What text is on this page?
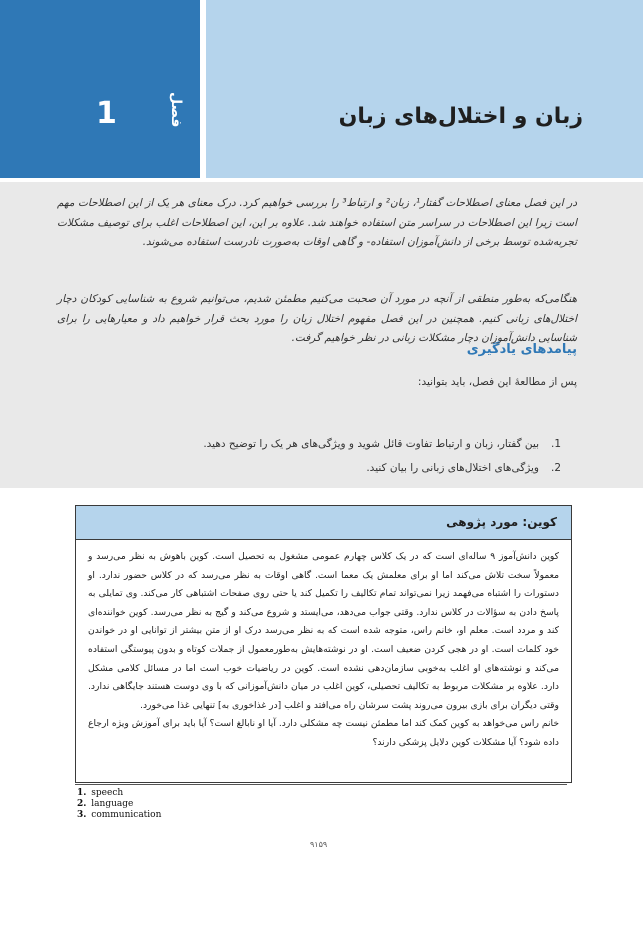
1	فصل	زبان و اختلال‌های زبان
در این فصل معنای اصطلاحات گفتار¹، زبان² و ارتباط³ را بررسی خواهیم کرد. درک معنای هر یک از این اصطلاحات مهم است زیرا این اصطلاحات در سراسر متن استفاده خواهند شد. علاوه بر این، این اصطلاحات اغلب برای توصیف مشکلات تجربه‌شده توسط برخی از دانش‌آموزان استفاده- و گاهی اوقات به‌صورت نادرست استفاده می‌شوند.
هنگامی‌که به‌طور منطقی از آنچه در مورد آن صحبت می‌کنیم مطمئن شدیم، می‌توانیم شروع به شناسایی کودکان دچار اختلال‌های زبانی کنیم. همچنین در این فصل مفهوم اختلال زبان را مورد بحث قرار خواهیم داد و معیارهایی را برای شناسایی دانش‌آموزان دچار مشکلات زبانی در نظر خواهیم گرفت.
پیامدهای یادگیری
پس از مطالعۀ این فصل، باید بتوانید:
1.
بین گفتار، زبان و ارتباط تفاوت قائل شوید و ویژگی‌های هر یک را توضیح دهید.
2.
ویژگی‌های اختلال‌های زبانی را بیان کنید.
کوین: مورد پژوهی
کوین دانش‌آموز ۹ ساله‌ای است که در یک کلاس چهارم عمومی مشغول به تحصیل است. کوین باهوش به نظر می‌رسد و معمولاً سخت تلاش می‌کند اما او برای معلمش یک معما است. گاهی اوقات به نظر می‌رسد که در کلاس حضور ندارد. او دستورات را اشتباه می‌فهمد زیرا نمی‌تواند تمام تکالیف را تکمیل کند یا حتی روی صفحات اشتباهی کار می‌کند. وی تمایلی به پاسخ دادن به سؤالات در کلاس ندارد. وقتی جواب می‌دهد، می‌ایستد و شروع می‌کند و گیج به نظر می‌رسد. کوین خواننده‌ای کند و مردد است. معلم او، خانم راس، متوجه شده است که به نظر می‌رسد درک او از متن بیشتر از توانایی او در خواندن خود کلمات است. او در هجی کردن ضعیف است. او در نوشته‌هایش به‌طورمعمول از جملات کوتاه و بدون پیوستگی استفاده می‌کند و نوشته‌های او اغلب به‌خوبی سازمان‌دهی نشده است. کوین در ریاضیات خوب است اما در مسائل کلامی مشکل دارد. علاوه بر مشکلات مربوط به تکالیف تحصیلی، کوین اغلب در میان دانش‌آموزانی که با وی دوست هستند جایگاهی ندارد. وقتی دیگران برای بازی بیرون می‌روند پشت سرشان راه می‌افتد و اغلب [در غذاخوری به] تنهایی غذا می‌خورد.
خانم راس می‌خواهد به کوین کمک کند اما مطمئن نیست چه مشکلی دارد. آیا او نابالغ است؟ آیا باید برای آموزش ویژه ارجاع داده شود؟ آیا مشکلات کوین دلایل پزشکی دارند؟
1. speech
2. language
3. communication
۹۱۵۹
